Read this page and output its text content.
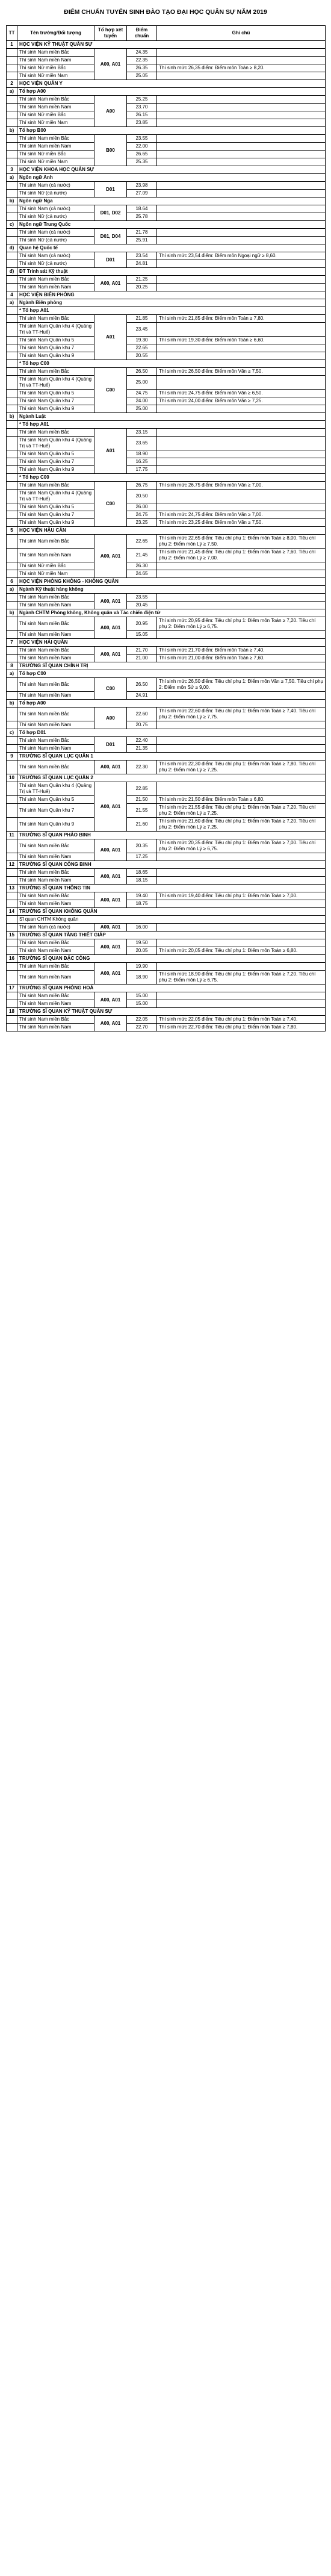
ĐIỂM CHUẨN TUYỂN SINH ĐÀO TẠO ĐẠI HỌC QUÂN SỰ NĂM 2019
TT	Tên trường/Đối tượng	Tổ hợp xét tuyển	Điểm chuẩn	Ghi chú
1	HỌC VIỆN KỸ THUẬT QUÂN SỰ			
	Thí sinh Nam miền Bắc	A00, A01	24.35	
	Thí sinh Nam miền Nam		22.35	
	Thí sinh Nữ miền Bắc		26.35	Thí sinh mức 26,35 điểm: Điểm môn Toán ≥ 8,20.
	Thí sinh Nữ miền Nam		25.05	
2	HỌC VIỆN QUÂN Y			
a)	Tổ hợp A00			
	Thí sinh Nam miền Bắc	A00	25.25	
	Thí sinh Nam miền Nam		23.70	
	Thí sinh Nữ miền Bắc		26.15	
	Thí sinh Nữ miền Nam		23.85	
b)	Tổ hợp B00			
	Thí sinh Nam miền Bắc	B00	23.55	
	Thí sinh Nam miền Nam		22.00	
	Thí sinh Nữ miền Bắc		26.65	
	Thí sinh Nữ miền Nam		25.35	
3	HỌC VIỆN KHOA HỌC QUÂN SỰ			
a)	Ngôn ngữ Anh			
	Thí sinh Nam (cả nước)	D01	23.98	
	Thí sinh Nữ (cả nước)		27.09	
b)	Ngôn ngữ Nga			
	Thí sinh Nam (cả nước)	D01, D02	18.64	
	Thí sinh Nữ (cả nước)		25.78	
c)	Ngôn ngữ Trung Quốc			
	Thí sinh Nam (cả nước)	D01, D04	21.78	
	Thí sinh Nữ (cả nước)		25.91	
d)	Quan hệ Quốc tế			
	Thí sinh Nam (cả nước)	D01	23.54	Thí sinh mức 23,54 điểm: Điểm môn Ngoại ngữ ≥ 8,60.
	Thí sinh Nữ (cả nước)		24.81	
đ)	ĐT Trinh sát Kỹ thuật			
	Thí sinh Nam miền Bắc	A00, A01	21.25	
	Thí sinh Nam miền Nam		20.25	
4	HỌC VIỆN BIÊN PHÒNG			
a)	Ngành Biên phòng			
	* Tổ hợp A01			
	Thí sinh Nam miền Bắc	A01	21.85	Thí sinh mức 21,85 điểm: Điểm môn Toán ≥ 7,80.
	Thí sinh Nam Quân khu 4 (Quảng Trị và TT-Huế)		23.45	
	Thí sinh Nam Quân khu 5		19.30	Thí sinh mức 19,30 điểm: Điểm môn Toán ≥ 6,60.
	Thí sinh Nam Quân khu 7		22.65	
	Thí sinh Nam Quân khu 9		20.55	
	* Tổ hợp C00			
	Thí sinh Nam miền Bắc	C00	26.50	Thí sinh mức 26,50 điểm: Điểm môn Văn ≥ 7,50.
	Thí sinh Nam Quân khu 4 (Quảng Trị và TT-Huế)		25.00	
	Thí sinh Nam Quân khu 5		24.75	Thí sinh mức 24,75 điểm: Điểm môn Văn ≥ 6,50.
	Thí sinh Nam Quân khu 7		24.00	Thí sinh mức 24,00 điểm: Điểm môn Văn ≥ 7,25.
	Thí sinh Nam Quân khu 9		25.00	
b)	Ngành Luật			
	* Tổ hợp A01			
	Thí sinh Nam miền Bắc	A01	23.15	
	Thí sinh Nam Quân khu 4 (Quảng Trị và TT-Huế)		23.65	
	Thí sinh Nam Quân khu 5		18.90	
	Thí sinh Nam Quân khu 7		16.25	
	Thí sinh Nam Quân khu 9		17.75	
	* Tổ hợp C00			
	Thí sinh Nam miền Bắc	C00	26.75	Thí sinh mức 26,75 điểm: Điểm môn Văn ≥ 7,00.
	Thí sinh Nam Quân khu 4 (Quảng Trị và TT-Huế)		20.50	
	Thí sinh Nam Quân khu 5		26.00	
	Thí sinh Nam Quân khu 7		24.75	Thí sinh mức 24,75 điểm: Điểm môn Văn ≥ 7,00.
	Thí sinh Nam Quân khu 9		23.25	Thí sinh mức 23,25 điểm: Điểm môn Văn ≥ 7,50.
5	HỌC VIỆN HẬU CẦN			
	Thí sinh Nam miền Bắc	A00, A01	22.65	Thí sinh mức 22,65 điểm: Tiêu chí phụ 1: Điểm môn Toán ≥ 8,00. Tiêu chí phụ 2: Điểm môn Lý ≥ 7,50.
	Thí sinh Nam miền Nam		21.45	Thí sinh mức 21,45 điểm: Tiêu chí phụ 1: Điểm môn Toán ≥ 7,60. Tiêu chí phụ 2: Điểm môn Lý ≥ 7,00.
	Thí sinh Nữ miền Bắc		26.30	
	Thí sinh Nữ miền Nam		24.65	
6	HỌC VIỆN PHÒNG KHÔNG - KHÔNG QUÂN			
a)	Ngành Kỹ thuật hàng không			
	Thí sinh Nam miền Bắc	A00, A01	23.55	
	Thí sinh Nam miền Nam		20.45	
b)	Ngành CHTM Phòng không, Không quân và Tác chiến điện tử			
	Thí sinh Nam miền Bắc	A00, A01	20.95	Thí sinh mức 20,95 điểm: Tiêu chí phụ 1: Điểm môn Toán ≥ 7,20. Tiêu chí phụ 2: Điểm môn Lý ≥ 6,75.
	Thí sinh Nam miền Nam		15.05	
7	HỌC VIỆN HẢI QUÂN			
	Thí sinh Nam miền Bắc	A00, A01	21.70	Thí sinh mức 21,70 điểm: Điểm môn Toán ≥ 7,40.
	Thí sinh Nam miền Nam		21.00	Thí sinh mức 21,00 điểm: Điểm môn Toán ≥ 7,60.
8	TRƯỜNG SĨ QUAN CHÍNH TRỊ			
a)	Tổ hợp C00			
	Thí sinh Nam miền Bắc	C00	26.50	Thí sinh mức 26,50 điểm: Tiêu chí phụ 1: Điểm môn Văn ≥ 7,50. Tiêu chí phụ 2: Điểm môn Sử ≥ 9,00.
	Thí sinh Nam miền Nam		24.91	
b)	Tổ hợp A00			
	Thí sinh Nam miền Bắc	A00	22.60	Thí sinh mức 22,60 điểm: Tiêu chí phụ 1: Điểm môn Toán ≥ 7,40. Tiêu chí phụ 2: Điểm môn Lý ≥ 7,75.
	Thí sinh Nam miền Nam		20.75	
c)	Tổ hợp D01			
	Thí sinh Nam miền Bắc	D01	22.40	
	Thí sinh Nam miền Nam		21.35	
9	TRƯỜNG SĨ QUAN LỤC QUÂN 1			
	Thí sinh Nam miền Bắc	A00, A01	22.30	Thí sinh mức 22,30 điểm: Tiêu chí phụ 1: Điểm môn Toán ≥ 7,80. Tiêu chí phụ 2: Điểm môn Lý ≥ 7,25.
10	TRƯỜNG SĨ QUAN LỤC QUÂN 2			
	Thí sinh Nam Quân khu 4 (Quảng Trị và TT-Huế)	A00, A01	22.85	
	Thí sinh Nam Quân khu 5		21.50	Thí sinh mức 21,50 điểm: Điểm môn Toán ≥ 6,80.
	Thí sinh Nam Quân khu 7		21.55	Thí sinh mức 21,55 điểm: Tiêu chí phụ 1: Điểm môn Toán ≥ 7,20. Tiêu chí phụ 2: Điểm môn Lý ≥ 7,25.
	Thí sinh Nam Quân khu 9		21.60	Thí sinh mức 21,60 điểm: Tiêu chí phụ 1: Điểm môn Toán ≥ 7,20. Tiêu chí phụ 2: Điểm môn Lý ≥ 7,25.
11	TRƯỜNG SĨ QUAN PHÁO BINH			
	Thí sinh Nam miền Bắc	A00, A01	20.35	Thí sinh mức 20,35 điểm: Tiêu chí phụ 1: Điểm môn Toán ≥ 7,00. Tiêu chí phụ 2: Điểm môn Lý ≥ 6,75.
	Thí sinh Nam miền Nam		17.25	
12	TRƯỜNG SĨ QUAN CÔNG BINH			
	Thí sinh Nam miền Bắc	A00, A01	18.65	
	Thí sinh Nam miền Nam		18.15	
13	TRƯỜNG SĨ QUAN THÔNG TIN			
	Thí sinh Nam miền Bắc	A00, A01	19.40	Thí sinh mức 19,40 điểm: Tiêu chí phụ 1: Điểm môn Toán ≥ 7,00.
	Thí sinh Nam miền Nam		18.75	
14	TRƯỜNG SĨ QUAN KHÔNG QUÂN			
	Sĩ quan CHTM Không quân			
	Thí sinh Nam (cả nước)	A00, A01	16.00	
15	TRƯỜNG SĨ QUAN TĂNG THIẾT GIÁP			
	Thí sinh Nam miền Bắc	A00, A01	19.50	
	Thí sinh Nam miền Nam		20.05	Thí sinh mức 20,05 điểm: Tiêu chí phụ 1: Điểm môn Toán ≥ 6,80.
16	TRƯỜNG SĨ QUAN ĐẶC CÔNG			
	Thí sinh Nam miền Bắc	A00, A01	19.90	
	Thí sinh Nam miền Nam		18.90	Thí sinh mức 18,90 điểm: Tiêu chí phụ 1: Điểm môn Toán ≥ 7,20. Tiêu chí phụ 2: Điểm môn Lý ≥ 6,75.
17	TRƯỜNG SĨ QUAN PHÒNG HOÁ			
	Thí sinh Nam miền Bắc	A00, A01	15.00	
	Thí sinh Nam miền Nam		15.00	
18	TRƯỜNG SĨ QUAN KỸ THUẬT QUÂN SỰ			
	Thí sinh Nam miền Bắc	A00, A01	22.05	Thí sinh mức 22,05 điểm: Tiêu chí phụ 1: Điểm môn Toán ≥ 7,40.
	Thí sinh Nam miền Nam		22.70	Thí sinh mức 22,70 điểm: Tiêu chí phụ 1: Điểm môn Toán ≥ 7,80.
